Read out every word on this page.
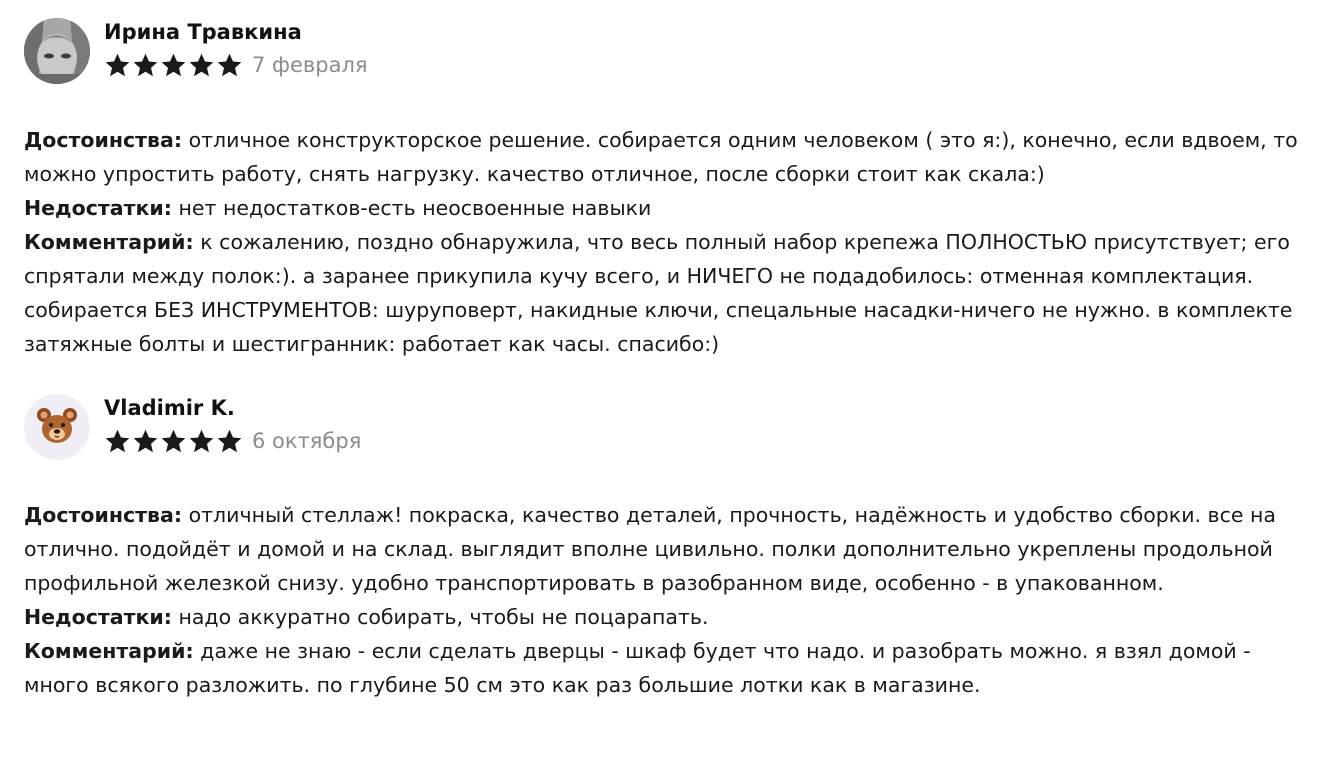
Ирина Травкина
7 февраля

Достоинства: отличное конструкторское решение. собирается одним человеком ( это я:), конечно, если вдвоем, то можно упростить работу, снять нагрузку. качество отличное, после сборки стоит как скала:)

Недостатки: нет недостатков-есть неосвоенные навыки

Комментарий: к сожалению, поздно обнаружила, что весь полный набор крепежа ПОЛНОСТЬЮ присутствует; его спрятали между полок:). а заранее прикупила кучу всего, и НИЧЕГО не подадобилось: отменная комплектация. собирается БЕЗ ИНСТРУМЕНТОВ: шуруповерт, накидные ключи, спецальные насадки-ничего не нужно. в комплекте затяжные болты и шестигранник: работает как часы. спасибо:)

Vladimir K.
6 октября

Достоинства: отличный стеллаж! покраска, качество деталей, прочность, надёжность и удобство сборки. все на отлично. подойдёт и домой и на склад. выглядит вполне цивильно. полки дополнительно укреплены продольной профильной железкой снизу. удобно транспортировать в разобранном виде, особенно - в упакованном.

Недостатки: надо аккуратно собирать, чтобы не поцарапать.

Комментарий: даже не знаю - если сделать дверцы - шкаф будет что надо. и разобрать можно. я взял домой - много всякого разложить. по глубине 50 см это как раз большие лотки как в магазине.
